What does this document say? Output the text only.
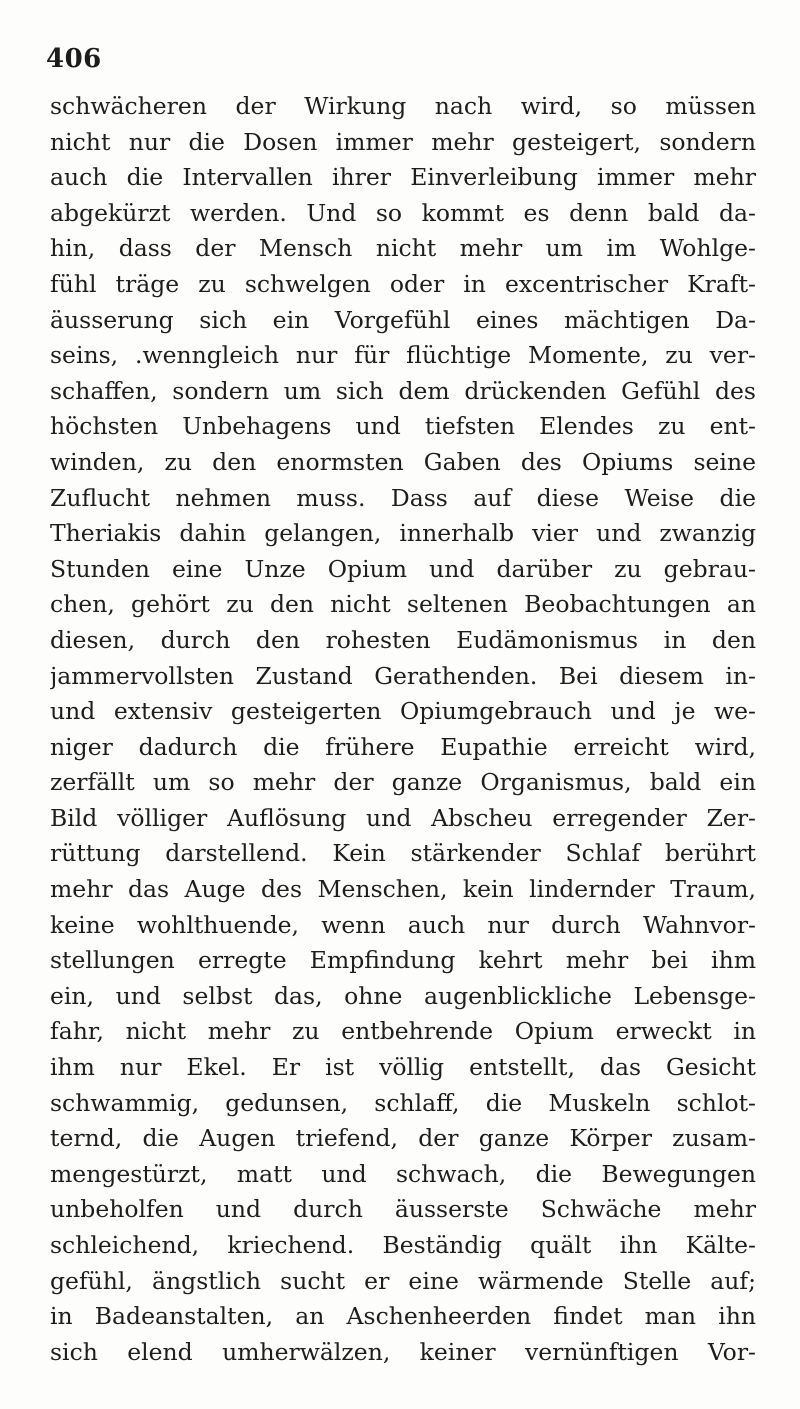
406
schwächeren der Wirkung nach wird, so müssen
nicht nur die Dosen immer mehr gesteigert, sondern
auch die Intervallen ihrer Einverleibung immer mehr
abgekürzt werden. Und so kommt es denn bald da-
hin, dass der Mensch nicht mehr um im Wohlge-
fühl träge zu schwelgen oder in excentrischer Kraft-
äusserung sich ein Vorgefühl eines mächtigen Da-
seins, .wenngleich nur für flüchtige Momente, zu ver-
schaffen, sondern um sich dem drückenden Gefühl des
höchsten Unbehagens und tiefsten Elendes zu ent-
winden, zu den enormsten Gaben des Opiums seine
Zuflucht nehmen muss. Dass auf diese Weise die
Theriakis dahin gelangen, innerhalb vier und zwanzig
Stunden eine Unze Opium und darüber zu gebrau-
chen, gehört zu den nicht seltenen Beobachtungen an
diesen, durch den rohesten Eudämonismus in den
jammervollsten Zustand Gerathenden. Bei diesem in-
und extensiv gesteigerten Opiumgebrauch und je we-
niger dadurch die frühere Eupathie erreicht wird,
zerfällt um so mehr der ganze Organismus, bald ein
Bild völliger Auflösung und Abscheu erregender Zer-
rüttung darstellend. Kein stärkender Schlaf berührt
mehr das Auge des Menschen, kein lindernder Traum,
keine wohlthuende, wenn auch nur durch Wahnvor-
stellungen erregte Empfindung kehrt mehr bei ihm
ein, und selbst das, ohne augenblickliche Lebensge-
fahr, nicht mehr zu entbehrende Opium erweckt in
ihm nur Ekel. Er ist völlig entstellt, das Gesicht
schwammig, gedunsen, schlaff, die Muskeln schlot-
ternd, die Augen triefend, der ganze Körper zusam-
mengestürzt, matt und schwach, die Bewegungen
unbeholfen und durch äusserste Schwäche mehr
schleichend, kriechend. Beständig quält ihn Kälte-
gefühl, ängstlich sucht er eine wärmende Stelle auf;
in Badeanstalten, an Aschenheerden findet man ihn
sich elend umherwälzen, keiner vernünftigen Vor-
